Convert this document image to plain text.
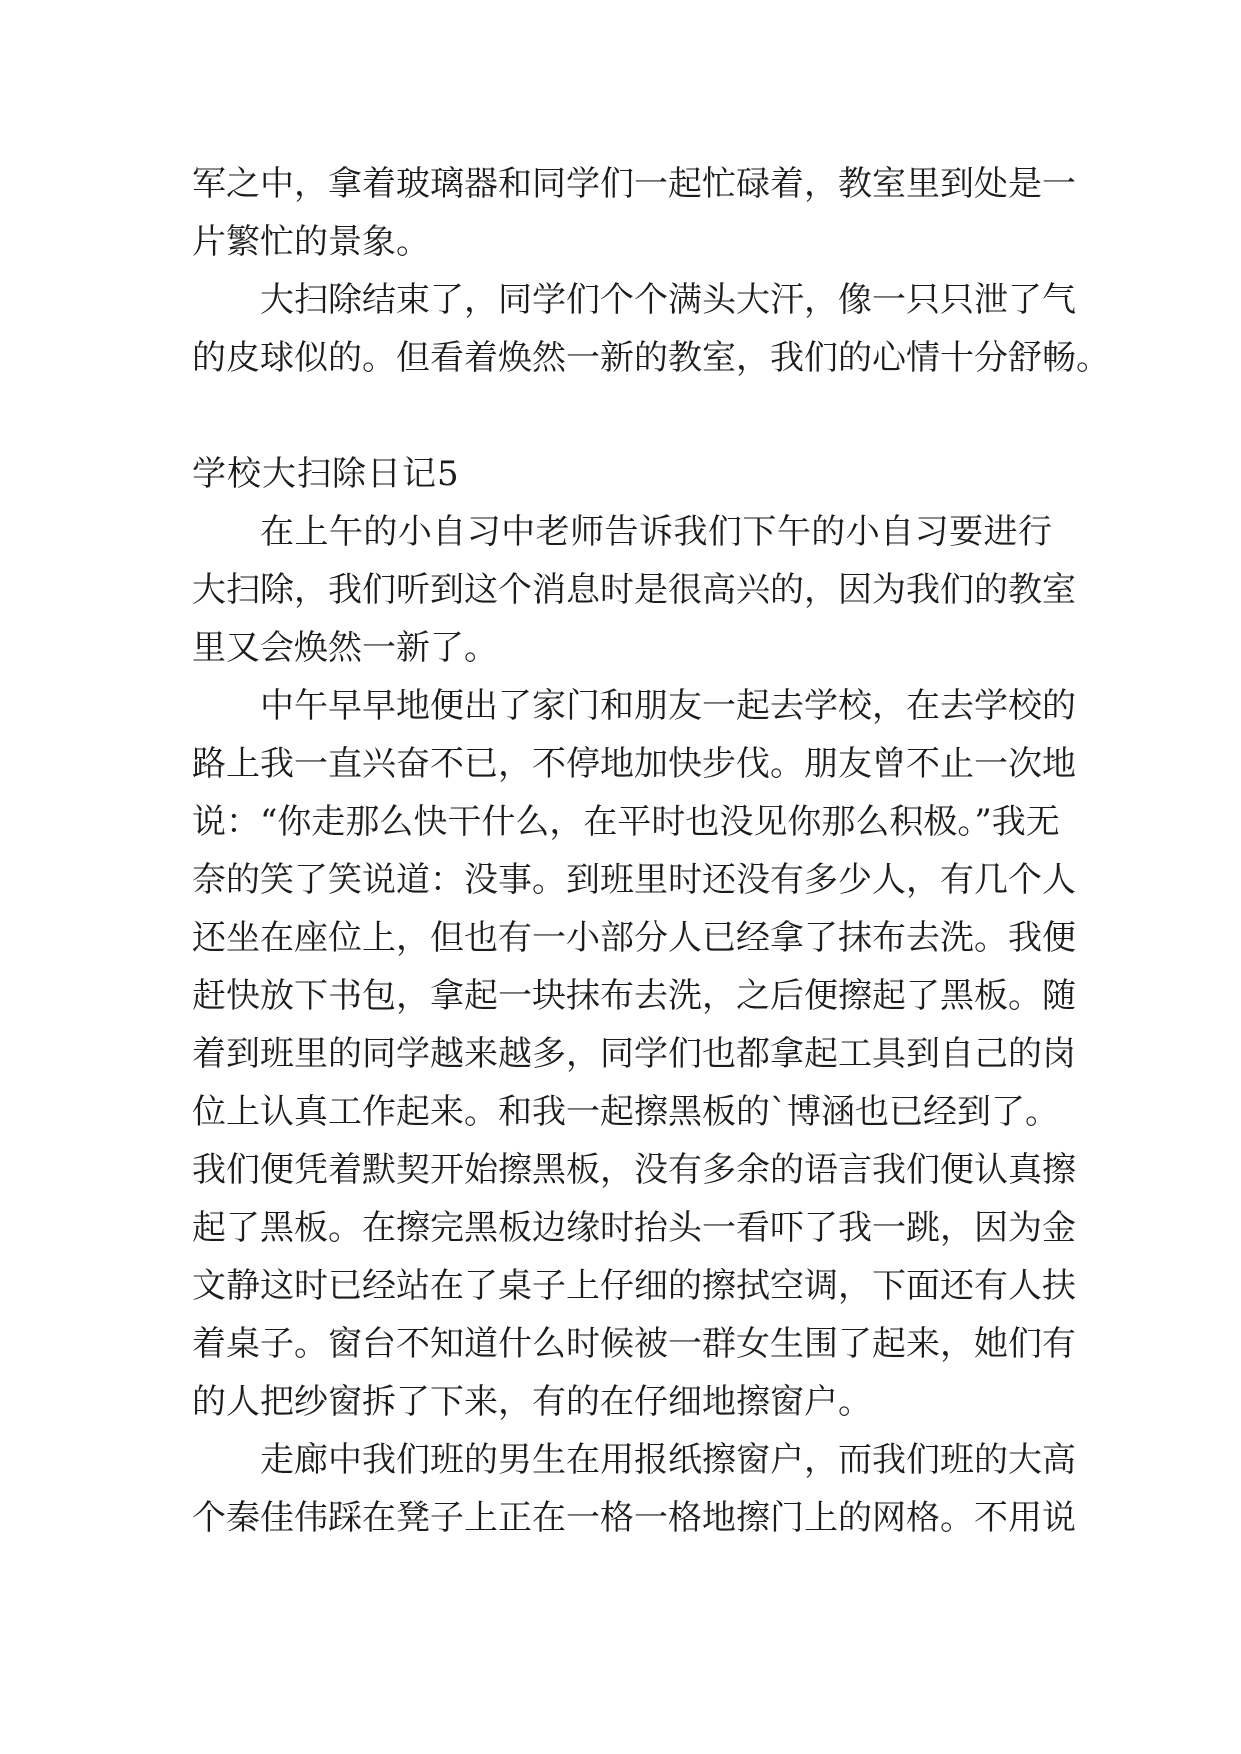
军之中，拿着玻璃器和同学们一起忙碌着，教室里到处是一

片繁忙的景象。

大扫除结束了，同学们个个满头大汗，像一只只泄了气

的皮球似的。但看着焕然一新的教室，我们的心情十分舒畅。

学校大扫除日记5

在上午的小自习中老师告诉我们下午的小自习要进行

大扫除，我们听到这个消息时是很高兴的，因为我们的教室

里又会焕然一新了。

中午早早地便出了家门和朋友一起去学校，在去学校的

路上我一直兴奋不已，不停地加快步伐。朋友曾不止一次地

说：“你走那么快干什么，在平时也没见你那么积极。”我无

奈的笑了笑说道：没事。到班里时还没有多少人，有几个人

还坐在座位上，但也有一小部分人已经拿了抹布去洗。我便

赶快放下书包，拿起一块抹布去洗，之后便擦起了黑板。随

着到班里的同学越来越多，同学们也都拿起工具到自己的岗

位上认真工作起来。和我一起擦黑板的`博涵也已经到了。

我们便凭着默契开始擦黑板，没有多余的语言我们便认真擦

起了黑板。在擦完黑板边缘时抬头一看吓了我一跳，因为金

文静这时已经站在了桌子上仔细的擦拭空调，下面还有人扶

着桌子。窗台不知道什么时候被一群女生围了起来，她们有

的人把纱窗拆了下来，有的在仔细地擦窗户。

走廊中我们班的男生在用报纸擦窗户，而我们班的大高

个秦佳伟踩在凳子上正在一格一格地擦门上的网格。不用说
